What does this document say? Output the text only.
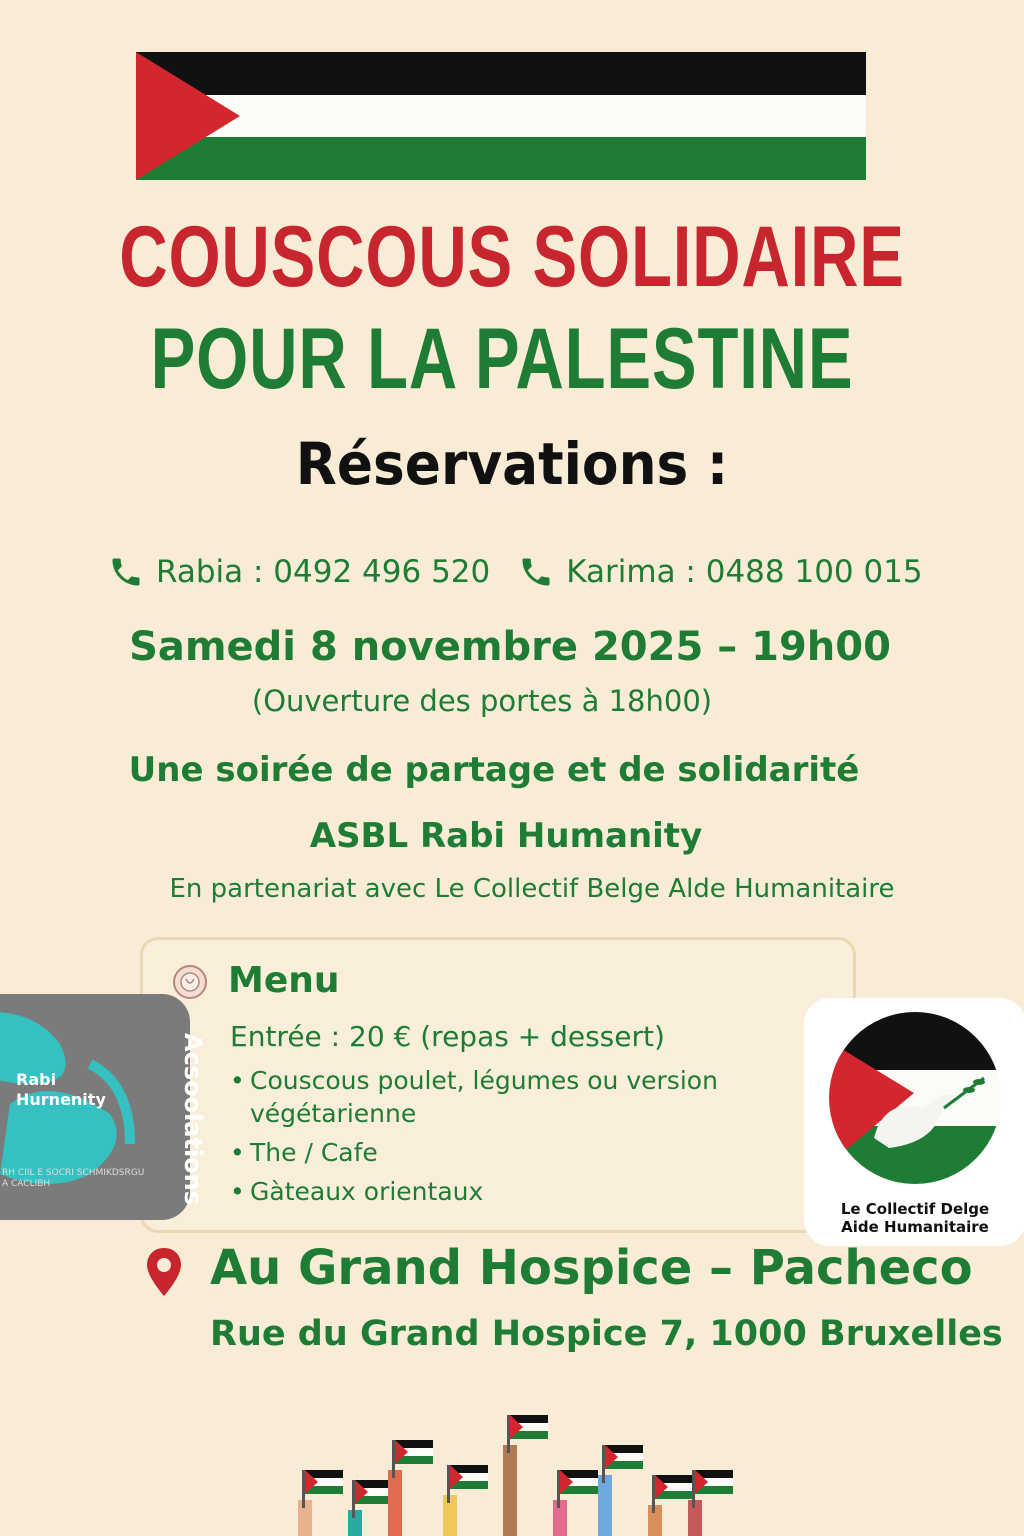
COUSCOUS SOLIDAIRE
POUR LA PALESTINE
Réservations :
Rabia : 0492 496 520 Karima : 0488 100 015
Samedi 8 novembre 2025 – 19h00
(Ouverture des portes à 18h00)
Une soirée de partage et de solidarité
ASBL Rabi Humanity
En partenariat avec Le Collectif Belge Alde Humanitaire
Menu
Entrée : 20 € (repas + dessert)
• Couscous poulet, légumes ou version végétarienne
• The / Cafe
• Gàteaux orientaux
Rabi Hurnenity
RH CIIL E SOCRI SCHMIKDSRGU A CACLIBH	Acsoolations
Le Collectif Delge Aide Humanitaire
Au Grand Hospice – Pacheco
Rue du Grand Hospice 7, 1000 Bruxelles
